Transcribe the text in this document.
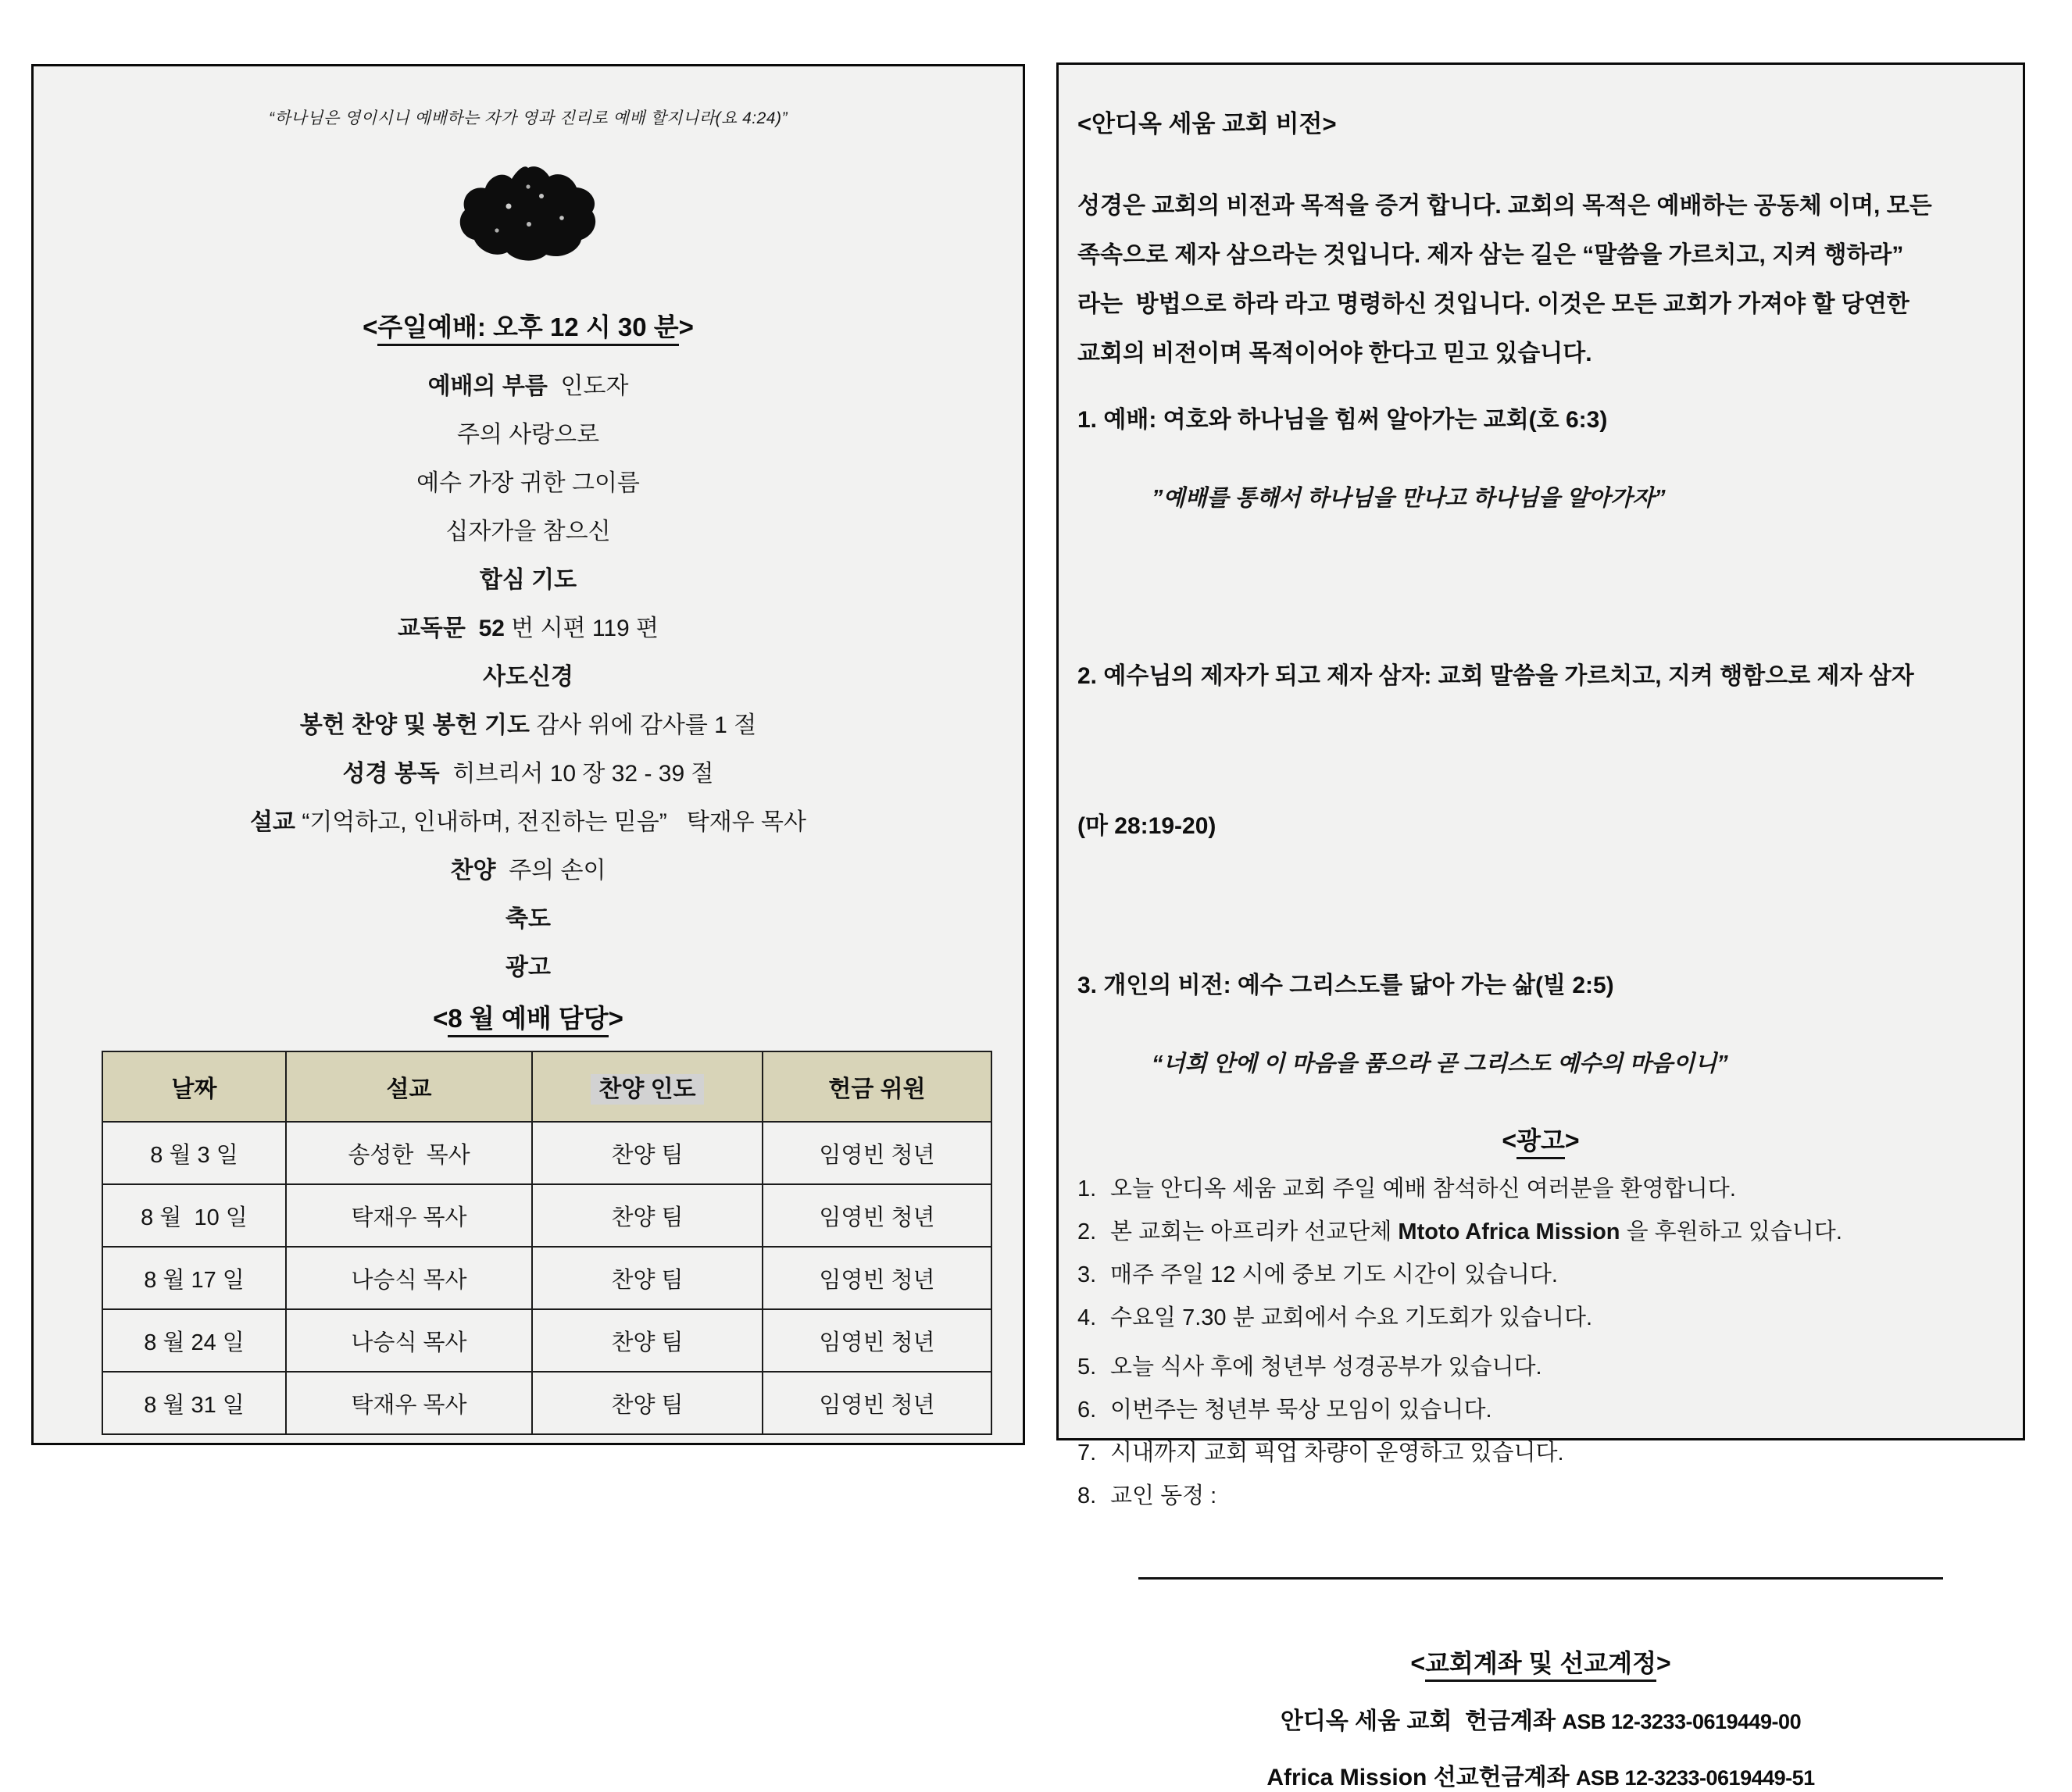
“하나님은 영이시니 예배하는 자가 영과 진리로 예배 할지니라(요 4:24)”
<주일예배: 오후 12 시 30 분>
예배의 부름  인도자
주의 사랑으로
예수 가장 귀한 그이름
십자가을 참으신
합심 기도
교독문  52 번 시편 119 편
사도신경
봉헌 찬양 및 봉헌 기도 감사 위에 감사를 1 절
성경 봉독  히브리서 10 장 32 - 39 절
설교 “기억하고, 인내하며, 전진하는 믿음”   탁재우 목사
찬양  주의 손이
축도
광고
<8 월 예배 담당>
날짜	설교	찬양 인도	헌금 위원
8 월 3 일	송성한  목사	찬양 팀	임영빈 청년
8 월  10 일	탁재우 목사	찬양 팀	임영빈 청년
8 월 17 일	나승식 목사	찬양 팀	임영빈 청년
8 월 24 일	나승식 목사	찬양 팀	임영빈 청년
8 월 31 일	탁재우 목사	찬양 팀	임영빈 청년
<안디옥 세움 교회 비전>
성경은 교회의 비전과 목적을 증거 합니다. 교회의 목적은 예배하는 공동체 이며, 모든
족속으로 제자 삼으라는 것입니다. 제자 삼는 길은 “말씀을 가르치고, 지켜 행하라”
라는  방법으로 하라 라고 명령하신 것입니다. 이것은 모든 교회가 가져야 할 당연한
교회의 비전이며 목적이어야 한다고 믿고 있습니다.
1. 예배: 여호와 하나님을 힘써 알아가는 교회(호 6:3)
”예배를 통해서 하나님을 만나고 하나님을 알아가자”

2. 예수님의 제자가 되고 제자 삼자: 교회 말씀을 가르치고, 지켜 행함으로 제자 삼자

(마 28:19-20)

3. 개인의 비전: 예수 그리스도를 닮아 가는 삶(빌 2:5)
“너희 안에 이 마음을 품으라 곧 그리스도 예수의 마음이니”
<광고>
1. 오늘 안디옥 세움 교회 주일 예배 참석하신 여러분을 환영합니다.
2. 본 교회는 아프리카 선교단체 Mtoto Africa Mission 을 후원하고 있습니다.
3. 매주 주일 12 시에 중보 기도 시간이 있습니다.
4. 수요일 7.30 분 교회에서 수요 기도회가 있습니다.
5. 오늘 식사 후에 청년부 성경공부가 있습니다.
6. 이번주는 청년부 묵상 모임이 있습니다.
7. 시내까지 교회 픽업 차량이 운영하고 있습니다.
8. 교인 동정 :
<교회계좌 및 선교계정>
안디옥 세움 교회  헌금계좌 ASB 12-3233-0619449-00
Africa Mission 선교헌금계좌 ASB 12-3233-0619449-51
